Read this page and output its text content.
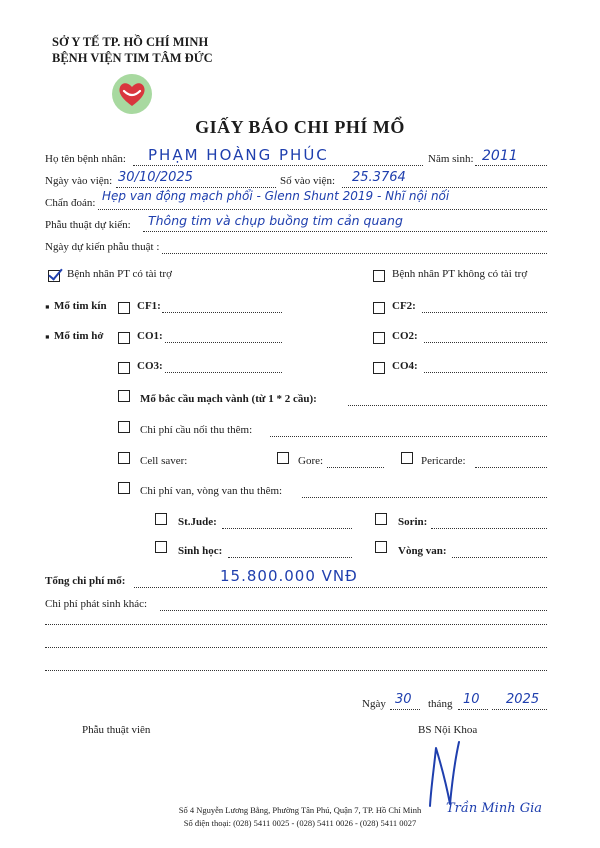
SỞ Y TẾ TP. HỒ CHÍ MINH
BỆNH VIỆN TIM TÂM ĐỨC
GIẤY BÁO CHI PHÍ MỔ
Họ tên bệnh nhân: PHẠM HOÀNG PHÚC	Năm sinh: 2011
Ngày vào viện: 30/10/2025	Số vào viện: 25.3764
Chẩn đoán: Hẹp van động mạch phổi - Glenn Shunt 2019 - Nhĩ nội nối
Phẫu thuật dự kiến: Thông tim và chụp buồng tim cản quang
Ngày dự kiến phẫu thuật :
Bệnh nhân PT có tài trợ	Bệnh nhân PT không có tài trợ
▪ Mổ tim kín	CF1:	CF2:
▪ Mổ tim hở	CO1:	CO2:
CO3:	CO4:
Mổ bắc cầu mạch vành (từ 1 * 2 cầu):
Chi phí cầu nối thu thêm:
Cell saver:	Gore:	Pericarde:
Chi phí van, vòng van thu thêm:
St.Jude:	Sorin:
Sinh học:	Vòng van:
Tổng chi phí mổ:	15.800.000 VNĐ
Chi phí phát sinh khác:
Ngày 30 tháng 10 2025
Phẫu thuật viên	BS Nội Khoa
Trần Minh Gia
Số 4 Nguyễn Lương Bằng, Phường Tân Phú, Quận 7, TP. Hồ Chí Minh
Số điện thoại: (028) 5411 0025 - (028) 5411 0026 - (028) 5411 0027
